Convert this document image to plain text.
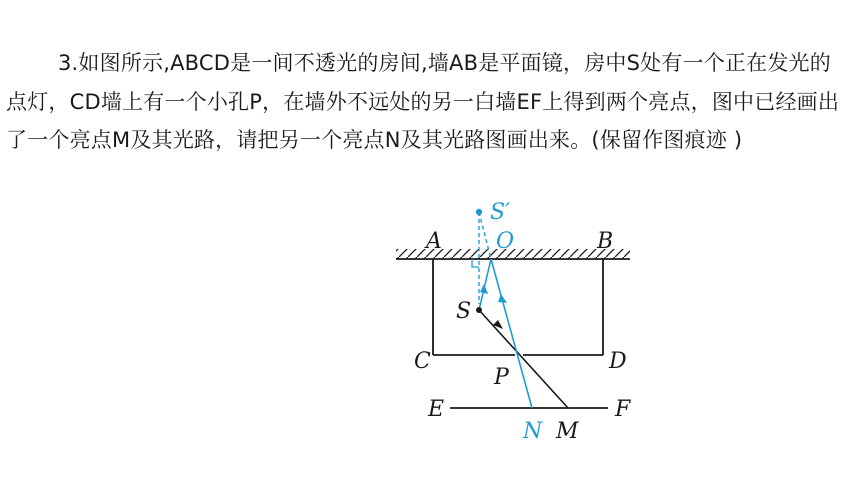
3.如图所示,ABCD是一间不透光的房间,墙AB是平面镜，房中S处有一个正在发光的点灯，CD墙上有一个小孔P，在墙外不远处的另一白墙EF上得到两个亮点，图中已经画出了一个亮点M及其光路，请把另一个亮点N及其光路图画出来。(保留作图痕迹 )

S′
A O	B
S
C	D
P
E	F
N M
